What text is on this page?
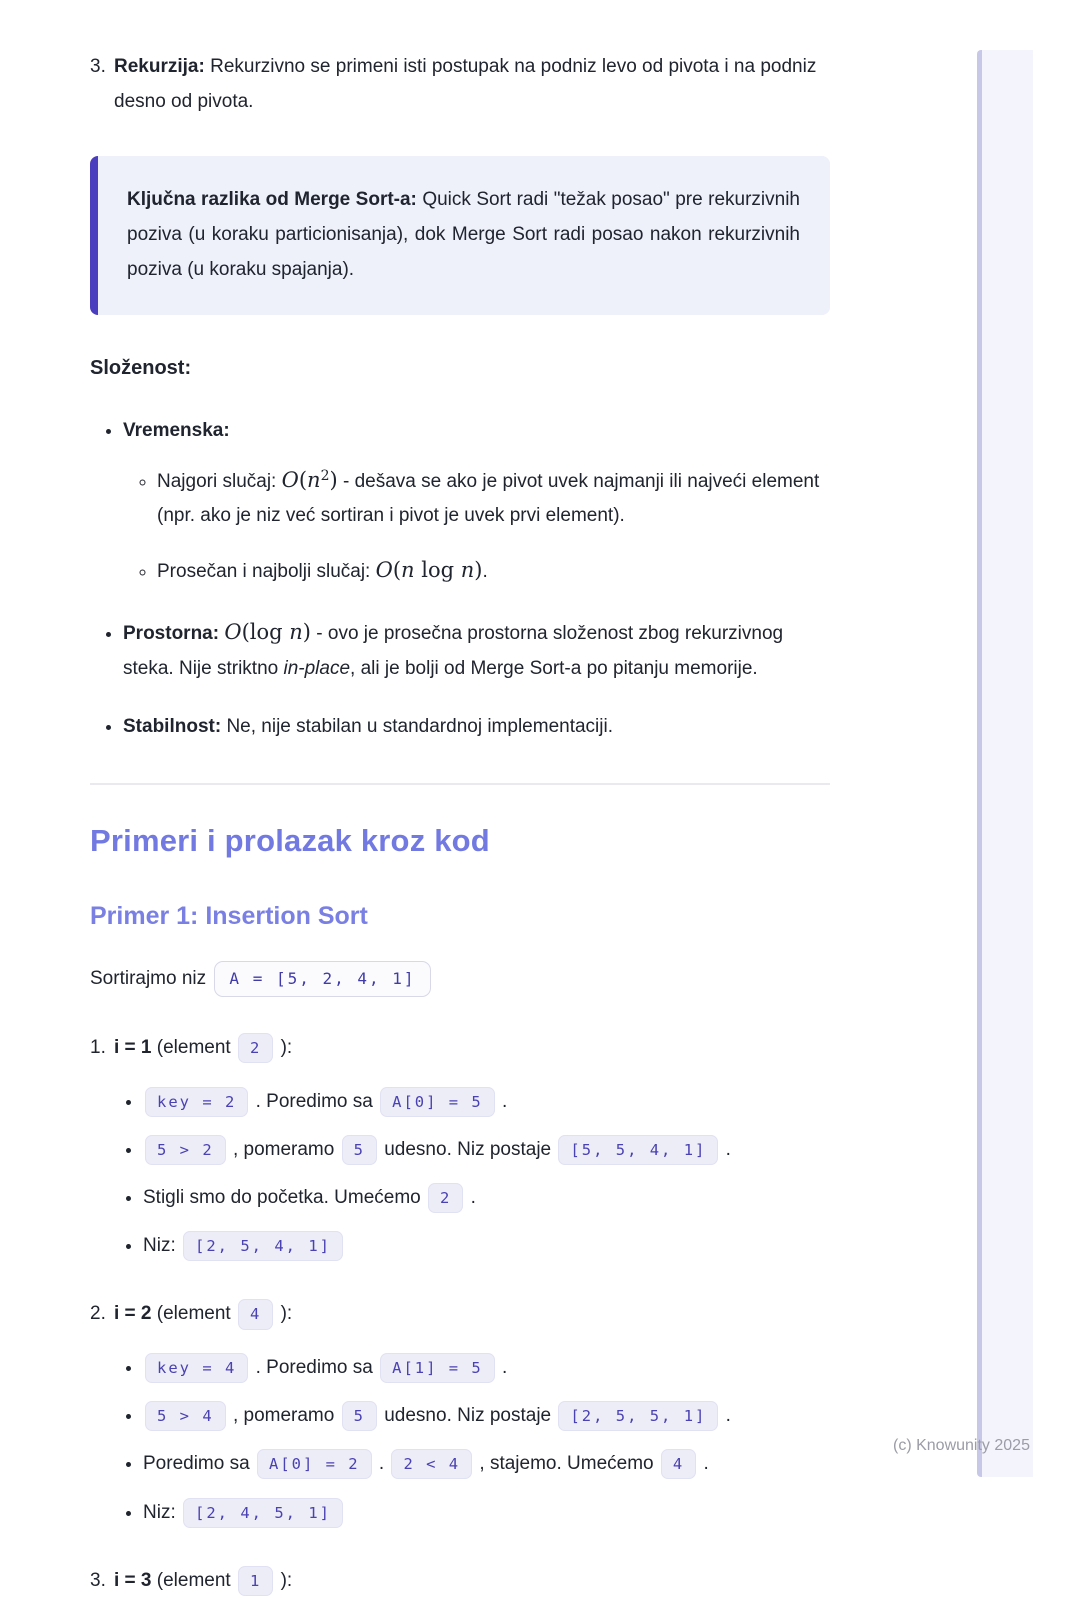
3. Rekurzija: Rekurzivno se primeni isti postupak na podniz levo od pivota i na podniz desno od pivota.
Ključna razlika od Merge Sort-a: Quick Sort radi "težak posao" pre rekurzivnih poziva (u koraku particionisanja), dok Merge Sort radi posao nakon rekurzivnih poziva (u koraku spajanja).
Složenost:
• Vremenska:
◦ Najgori slučaj: $O(n^2)$ - dešava se ako je pivot uvek najmanji ili najveći element (npr. ako je niz već sortiran i pivot je uvek prvi element).
◦ Prosečan i najbolji slučaj: O(n log n).
• Prostorna: O(log n) - ovo je prosečna prostorna složenost zbog rekurzivnog steka. Nije striktno in-place, ali je bolji od Merge Sort-a po pitanju memorije.
• Stabilnost: Ne, nije stabilan u standardnoj implementaciji.
Primeri i prolazak kroz kod
Primer 1: Insertion Sort
Sortirajmo niz A = [5, 2, 4, 1]
1. i = 1 (element 2 ):
• key = 2 . Poredimo sa A[0] = 5 .
• 5 > 2 , pomeramo 5 udesno. Niz postaje [5, 5, 4, 1] .
• Stigli smo do početka. Umećemo 2 .
• Niz: [2, 5, 4, 1]
2. i = 2 (element 4 ):
• key = 4 . Poredimo sa A[1] = 5 .
• 5 > 4 , pomeramo 5 udesno. Niz postaje [2, 5, 5, 1] .
• Poredimo sa A[0] = 2 . 2 < 4 , stajemo. Umećemo 4 .
• Niz: [2, 4, 5, 1]
3. i = 3 (element 1 ):
(c) Knowunity 2025
